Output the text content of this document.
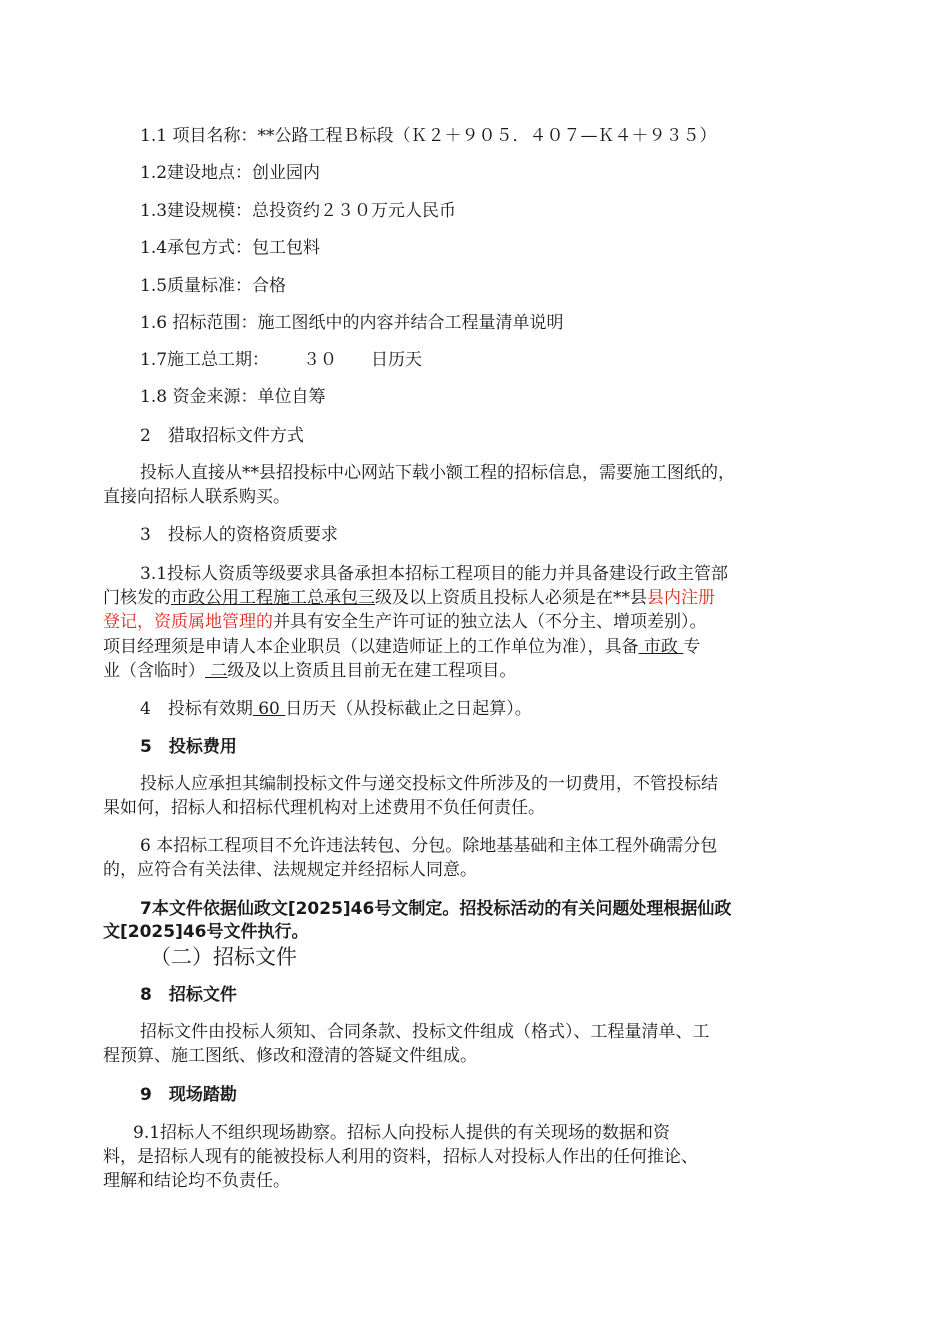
1.1 项目名称：**公路工程Ｂ标段（Ｋ２＋９０５．４０７—Ｋ４＋９３５）
1.2建设地点：创业园内
1.3建设规模：总投资约２３０万元人民币
1.4承包方式：包工包料
1.5质量标准：合格
1.6 招标范围：施工图纸中的内容并结合工程量清单说明
1.7施工总工期： ３０ 日历天
1.8 资金来源：单位自筹
2　猎取招标文件方式
投标人直接从**县招投标中心网站下载小额工程的招标信息，需要施工图纸的，
直接向招标人联系购买。
3　投标人的资格资质要求
3.1投标人资质等级要求具备承担本招标工程项目的能力并具备建设行政主管部
门核发的市政公用工程施工总承包三级及以上资质且投标人必须是在**县县内注册
登记，资质属地管理的并具有安全生产许可证的独立法人（不分主、增项差别）。
项目经理须是申请人本企业职员（以建造师证上的工作单位为准），具备 市政 专
业（含临时） 二级及以上资质且目前无在建工程项目。
4　投标有效期 60 日历天（从投标截止之日起算）。
5　投标费用
投标人应承担其编制投标文件与递交投标文件所涉及的一切费用，不管投标结
果如何，招标人和招标代理机构对上述费用不负任何责任。
6 本招标工程项目不允许违法转包、分包。除地基基础和主体工程外确需分包
的，应符合有关法律、法规规定并经招标人同意。
7本文件依据仙政文[2025]46号文制定。招投标活动的有关问题处理根据仙政
文[2025]46号文件执行。
（二）招标文件
8　招标文件
招标文件由投标人须知、合同条款、投标文件组成（格式）、工程量清单、工
程预算、施工图纸、修改和澄清的答疑文件组成。
9　现场踏勘
9.1招标人不组织现场勘察。招标人向投标人提供的有关现场的数据和资
料，是招标人现有的能被投标人利用的资料，招标人对投标人作出的任何推论、
理解和结论均不负责任。
